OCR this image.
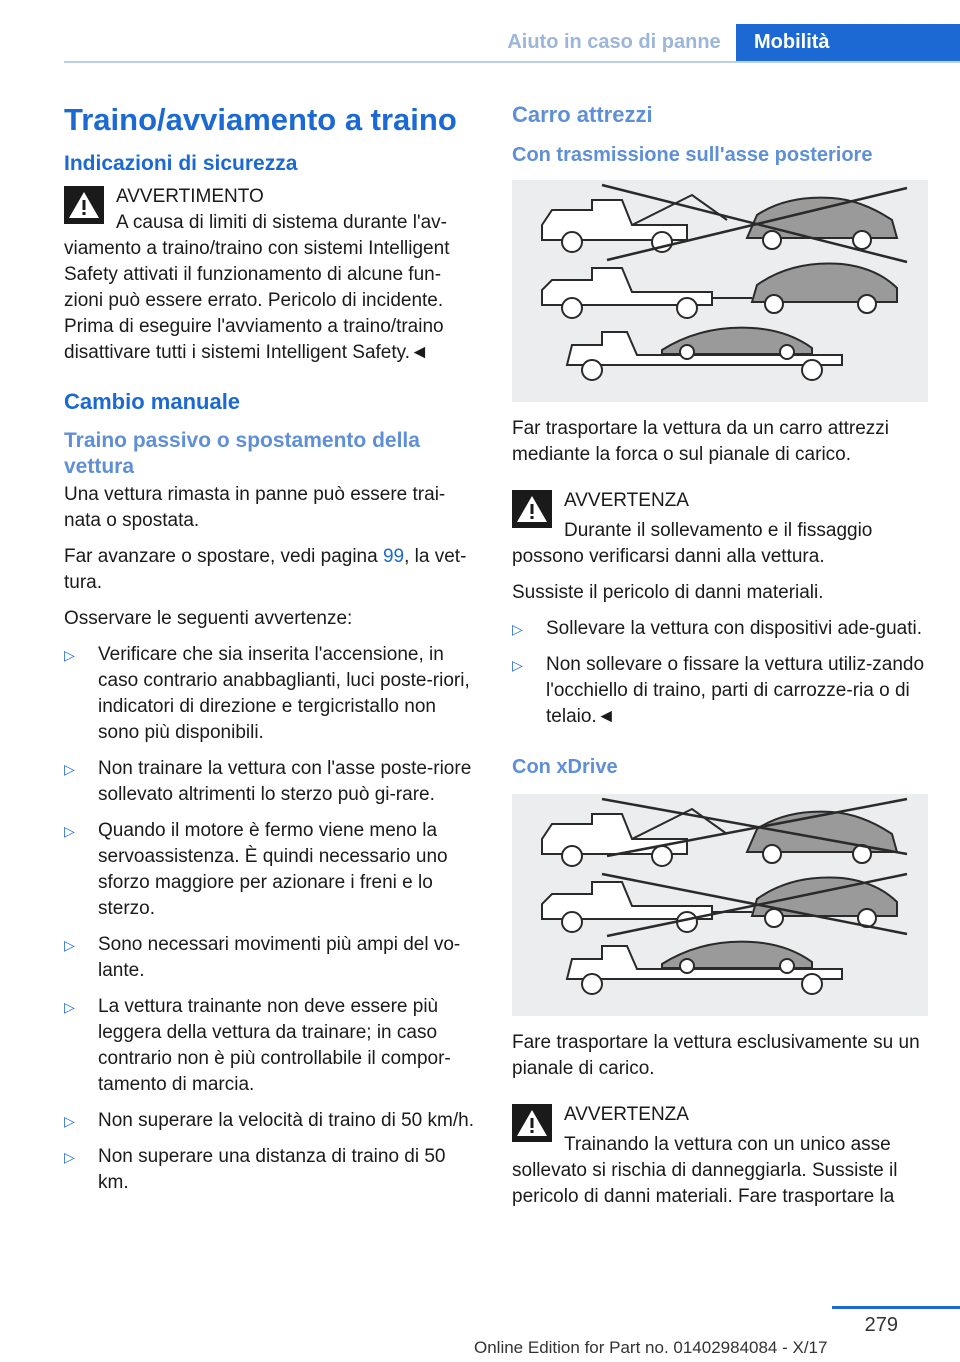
Aiuto in caso di panne	Mobilità
Traino/avviamento a traino
Indicazioni di sicurezza

AVVERTIMENTO

A causa di limiti di sistema durante l'av-

viamento a traino/traino con sistemi Intelligent Safety attivati il funzionamento di alcune fun-zioni può essere errato. Pericolo di incidente. Prima di eseguire l'avviamento a traino/traino disattivare tutti i sistemi Intelligent Safety.◄

Cambio manuale
Traino passivo o spostamento della vettura

Una vettura rimasta in panne può essere trai-nata o spostata.

Far avanzare o spostare, vedi pagina 99, la vet-tura.

Osservare le seguenti avvertenze:

▷ Verificare che sia inserita l'accensione, in caso contrario anabbaglianti, luci poste-riori, indicatori di direzione e tergicristallo non sono più disponibili.
▷ Non trainare la vettura con l'asse poste-riore sollevato altrimenti lo sterzo può gi-rare.
▷ Quando il motore è fermo viene meno la servoassistenza. È quindi necessario uno sforzo maggiore per azionare i freni e lo sterzo.
▷ Sono necessari movimenti più ampi del vo-lante.
▷ La vettura trainante non deve essere più leggera della vettura da trainare; in caso contrario non è più controllabile il compor-tamento di marcia.
▷ Non superare la velocità di traino di 50 km/h.
▷ Non superare una distanza di traino di 50 km.
Carro attrezzi
Con trasmissione sull'asse posteriore

Far trasportare la vettura da un carro attrezzi mediante la forca o sul pianale di carico.

AVVERTENZA

Durante il sollevamento e il fissaggio

possono verificarsi danni alla vettura.

Sussiste il pericolo di danni materiali.

▷ Sollevare la vettura con dispositivi ade-guati.
▷ Non sollevare o fissare la vettura utiliz-zando l'occhiello di traino, parti di carrozze-ria o di telaio.◄
Con xDrive

Fare trasportare la vettura esclusivamente su un pianale di carico.

AVVERTENZA

Trainando la vettura con un unico asse

sollevato si rischia di danneggiarla. Sussiste il pericolo di danni materiali. Fare trasportare la

279
Online Edition for Part no. 01402984084 - X/17
